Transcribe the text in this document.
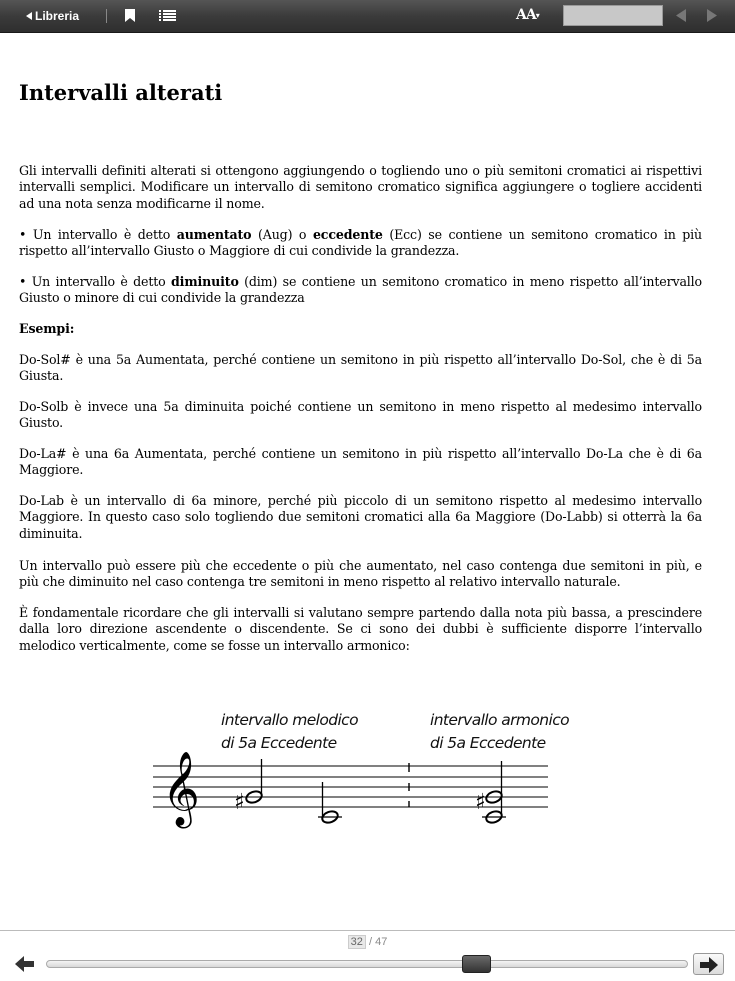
Libreria	AA▾
Intervalli alterati

Gli intervalli definiti alterati si ottengono aggiungendo o togliendo uno o più semitoni cromatici ai rispettivi intervalli semplici. Modificare un intervallo di semitono cromatico significa aggiungere o togliere accidenti ad una nota senza modificarne il nome.

• Un intervallo è detto aumentato (Aug) o eccedente (Ecc) se contiene un semitono cromatico in più rispetto all’intervallo Giusto o Maggiore di cui condivide la grandezza.

• Un intervallo è detto diminuito (dim) se contiene un semitono cromatico in meno rispetto all’intervallo Giusto o minore di cui condivide la grandezza

Esempi:

Do-Sol# è una 5a Aumentata, perché contiene un semitono in più rispetto all’intervallo Do-Sol, che è di 5a Giusta.

Do-Solb è invece una 5a diminuita poiché contiene un semitono in meno rispetto al medesimo intervallo Giusto.

Do-La# è una 6a Aumentata, perché contiene un semitono in più rispetto all’intervallo Do-La che è di 6a Maggiore.

Do-Lab è un intervallo di 6a minore, perché più piccolo di un semitono rispetto al medesimo intervallo Maggiore. In questo caso solo togliendo due semitoni cromatici alla 6a Maggiore (Do-Labb) si otterrà la 6a diminuita.

Un intervallo può essere più che eccedente o più che aumentato, nel caso contenga due semitoni in più, e più che diminuito nel caso contenga tre semitoni in meno rispetto al relativo intervallo naturale.

È fondamentale ricordare che gli intervalli si valutano sempre partendo dalla nota più bassa, a prescindere dalla loro direzione ascendente o discendente. Se ci sono dei dubbi è sufficiente disporre l’intervallo melodico verticalmente, come se fosse un intervallo armonico:

intervallo melodico
di 5a Eccedente
intervallo armonico
di 5a Eccedente
𝄞 ♯	♯
32 / 47
